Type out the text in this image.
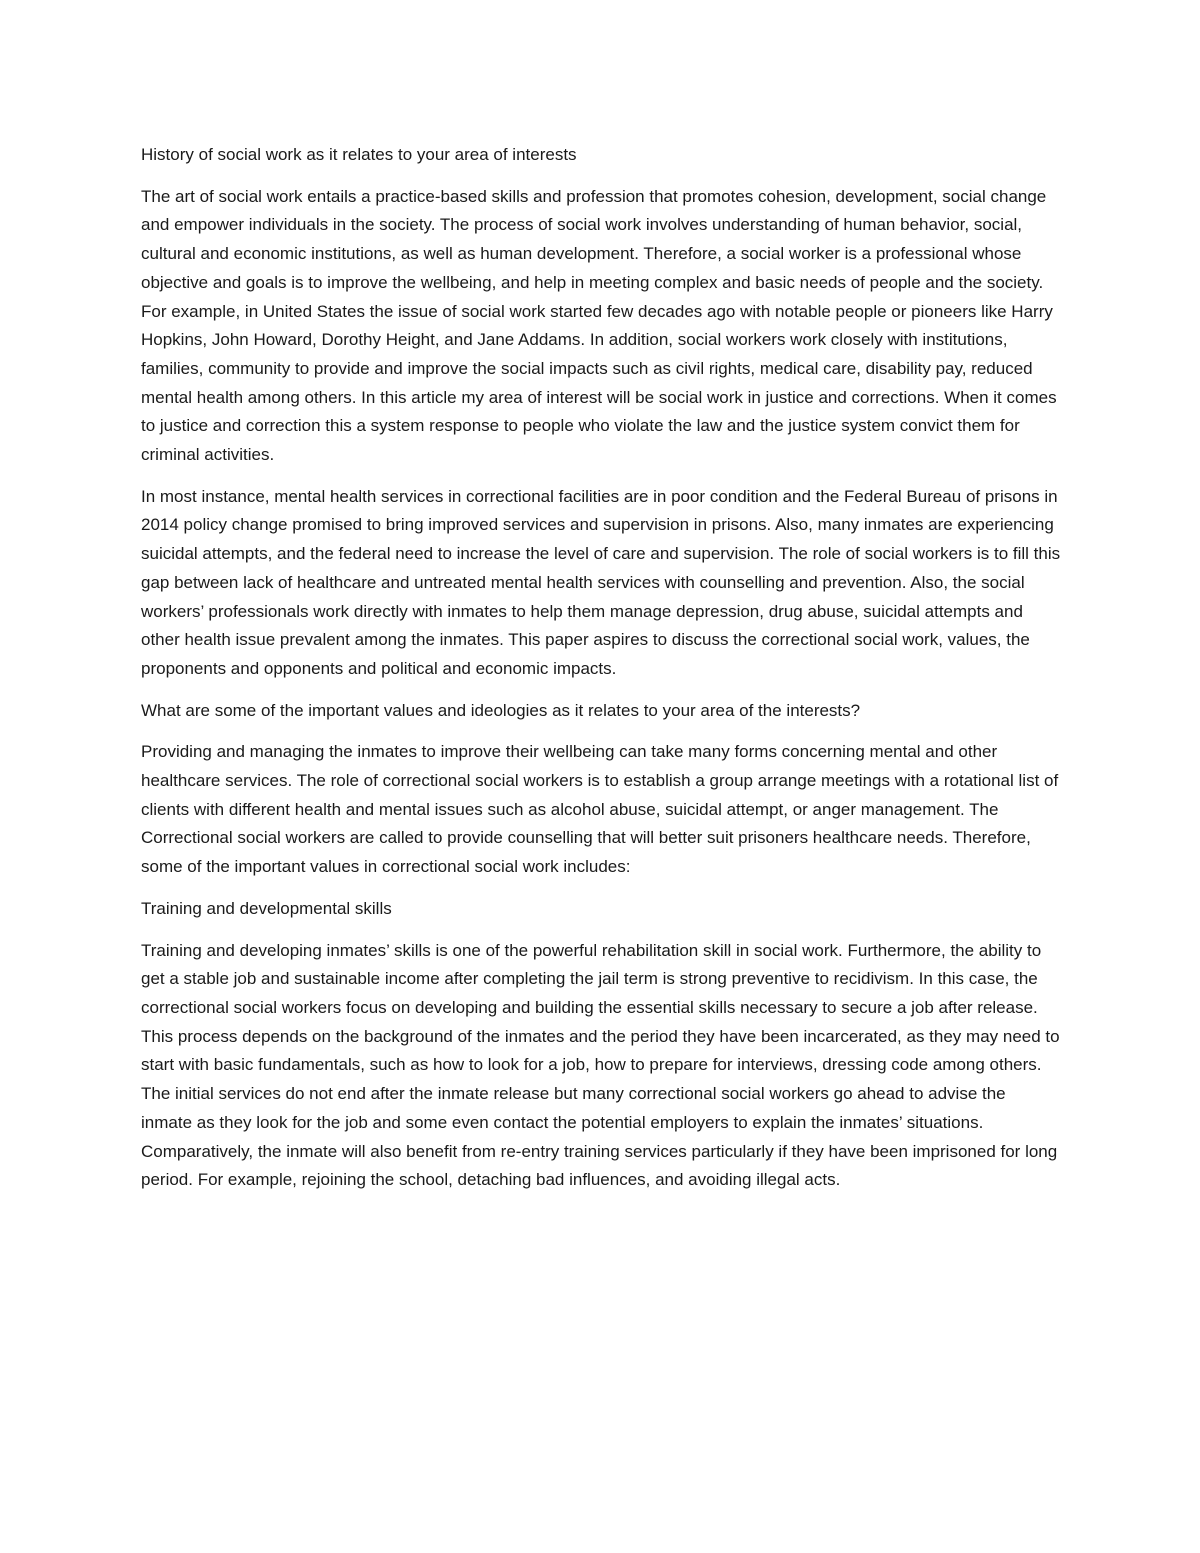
History of social work as it relates to your area of interests

The art of social work entails a practice-based skills and profession that promotes cohesion, development, social change and empower individuals in the society. The process of social work involves understanding of human behavior, social, cultural and economic institutions, as well as human development. Therefore, a social worker is a professional whose objective and goals is to improve the wellbeing, and help in meeting complex and basic needs of people and the society. For example, in United States the issue of social work started few decades ago with notable people or pioneers like Harry Hopkins, John Howard, Dorothy Height, and Jane Addams. In addition, social workers work closely with institutions, families, community to provide and improve the social impacts such as civil rights, medical care, disability pay, reduced mental health among others. In this article my area of interest will be social work in justice and corrections. When it comes to justice and correction this a system response to people who violate the law and the justice system convict them for criminal activities.

In most instance, mental health services in correctional facilities are in poor condition and the Federal Bureau of prisons in 2014 policy change promised to bring improved services and supervision in prisons. Also, many inmates are experiencing suicidal attempts, and the federal need to increase the level of care and supervision. The role of social workers is to fill this gap between lack of healthcare and untreated mental health services with counselling and prevention. Also, the social workers’ professionals work directly with inmates to help them manage depression, drug abuse, suicidal attempts and other health issue prevalent among the inmates. This paper aspires to discuss the correctional social work, values, the proponents and opponents and political and economic impacts.

What are some of the important values and ideologies as it relates to your area of the interests?

Providing and managing the inmates to improve their wellbeing can take many forms concerning mental and other healthcare services. The role of correctional social workers is to establish a group arrange meetings with a rotational list of clients with different health and mental issues such as alcohol abuse, suicidal attempt, or anger management. The Correctional social workers are called to provide counselling that will better suit prisoners healthcare needs. Therefore, some of the important values in correctional social work includes:

Training and developmental skills

Training and developing inmates’ skills is one of the powerful rehabilitation skill in social work. Furthermore, the ability to get a stable job and sustainable income after completing the jail term is strong preventive to recidivism. In this case, the correctional social workers focus on developing and building the essential skills necessary to secure a job after release. This process depends on the background of the inmates and the period they have been incarcerated, as they may need to start with basic fundamentals, such as how to look for a job, how to prepare for interviews, dressing code among others. The initial services do not end after the inmate release but many correctional social workers go ahead to advise the inmate as they look for the job and some even contact the potential employers to explain the inmates’ situations. Comparatively, the inmate will also benefit from re-entry training services particularly if they have been imprisoned for long period. For example, rejoining the school, detaching bad influences, and avoiding illegal acts.
